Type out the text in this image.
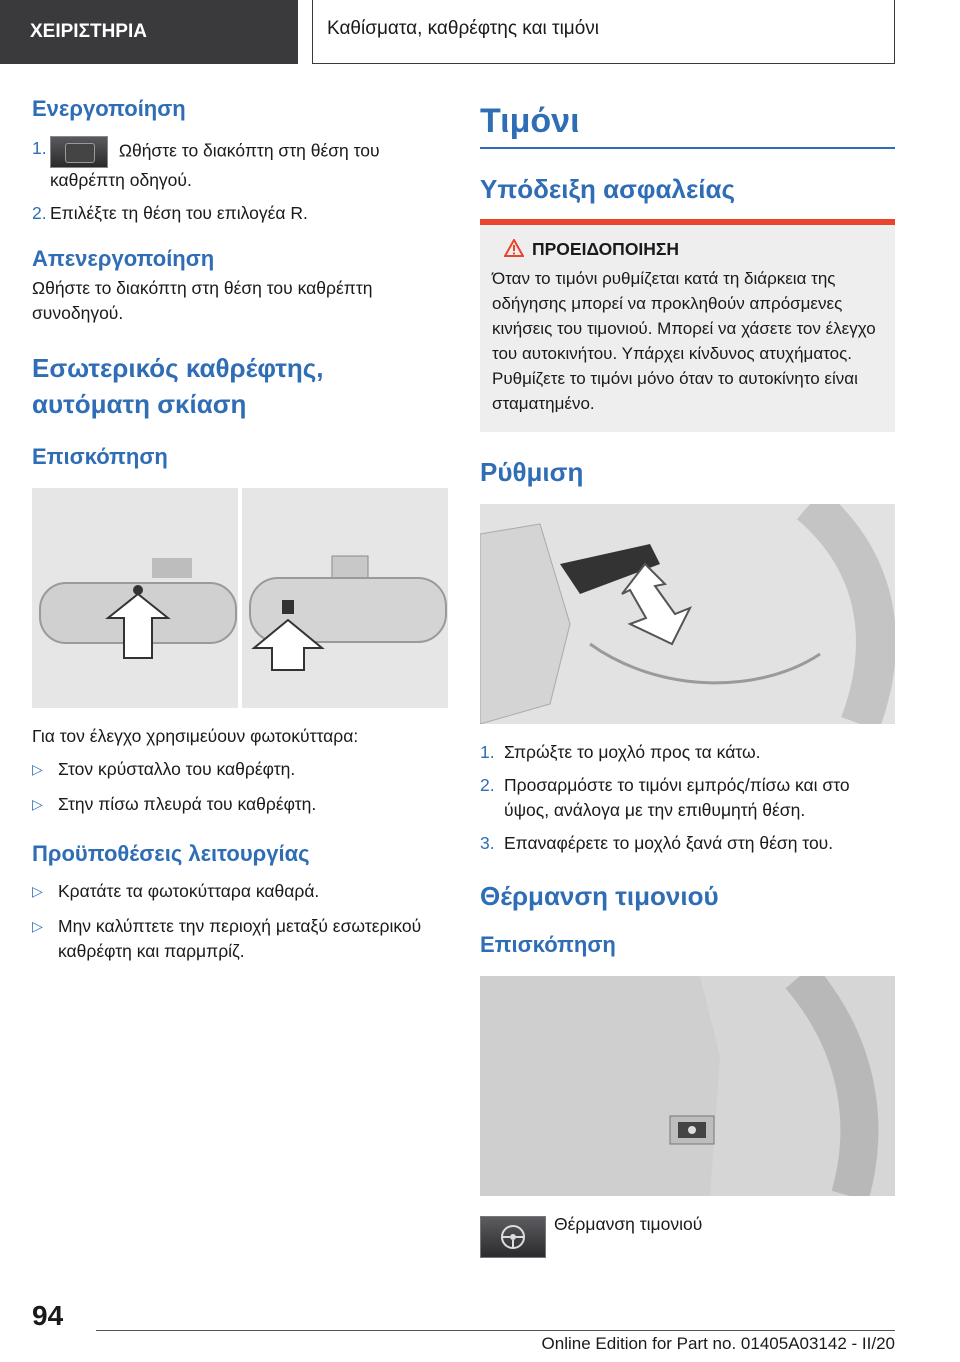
ΧΕΙΡΙΣΤΗΡΙΑ	Καθίσματα, καθρέφτης και τιμόνι
Ενεργοποίηση
1.	Ωθήστε το διακόπτη στη θέση του καθρέπτη οδηγού.
2. Επιλέξτε τη θέση του επιλογέα R.
Απενεργοποίηση

Ωθήστε το διακόπτη στη θέση του καθρέπτη συνοδηγού.

Εσωτερικός καθρέφτης, αυτόματη σκίαση
Επισκόπηση

Για τον έλεγχο χρησιμεύουν φωτοκύτταρα:

▷ Στον κρύσταλλο του καθρέφτη.
▷ Στην πίσω πλευρά του καθρέφτη.
Προϋποθέσεις λειτουργίας
▷ Κρατάτε τα φωτοκύτταρα καθαρά.
▷ Μην καλύπτετε την περιοχή μεταξύ εσωτερικού καθρέφτη και παρμπρίζ.
Τιμόνι
Υπόδειξη ασφαλείας
ΠΡΟΕΙΔΟΠΟΙΗΣΗ

Όταν το τιμόνι ρυθμίζεται κατά τη διάρκεια της οδήγησης μπορεί να προκληθούν απρόσμενες κινήσεις του τιμονιού. Μπορεί να χάσετε τον έλεγχο του αυτοκινήτου. Υπάρχει κίνδυνος ατυχήματος. Ρυθμίζετε το τιμόνι μόνο όταν το αυτοκίνητο είναι σταματημένο.

Ρύθμιση
1. Σπρώξτε το μοχλό προς τα κάτω.
2. Προσαρμόστε το τιμόνι εμπρός/πίσω και στο ύψος, ανάλογα με την επιθυμητή θέση.
3. Επαναφέρετε το μοχλό ξανά στη θέση του.
Θέρμανση τιμονιού
Επισκόπηση
Θέρμανση τιμονιού
94
Online Edition for Part no. 01405A03142 - II/20
